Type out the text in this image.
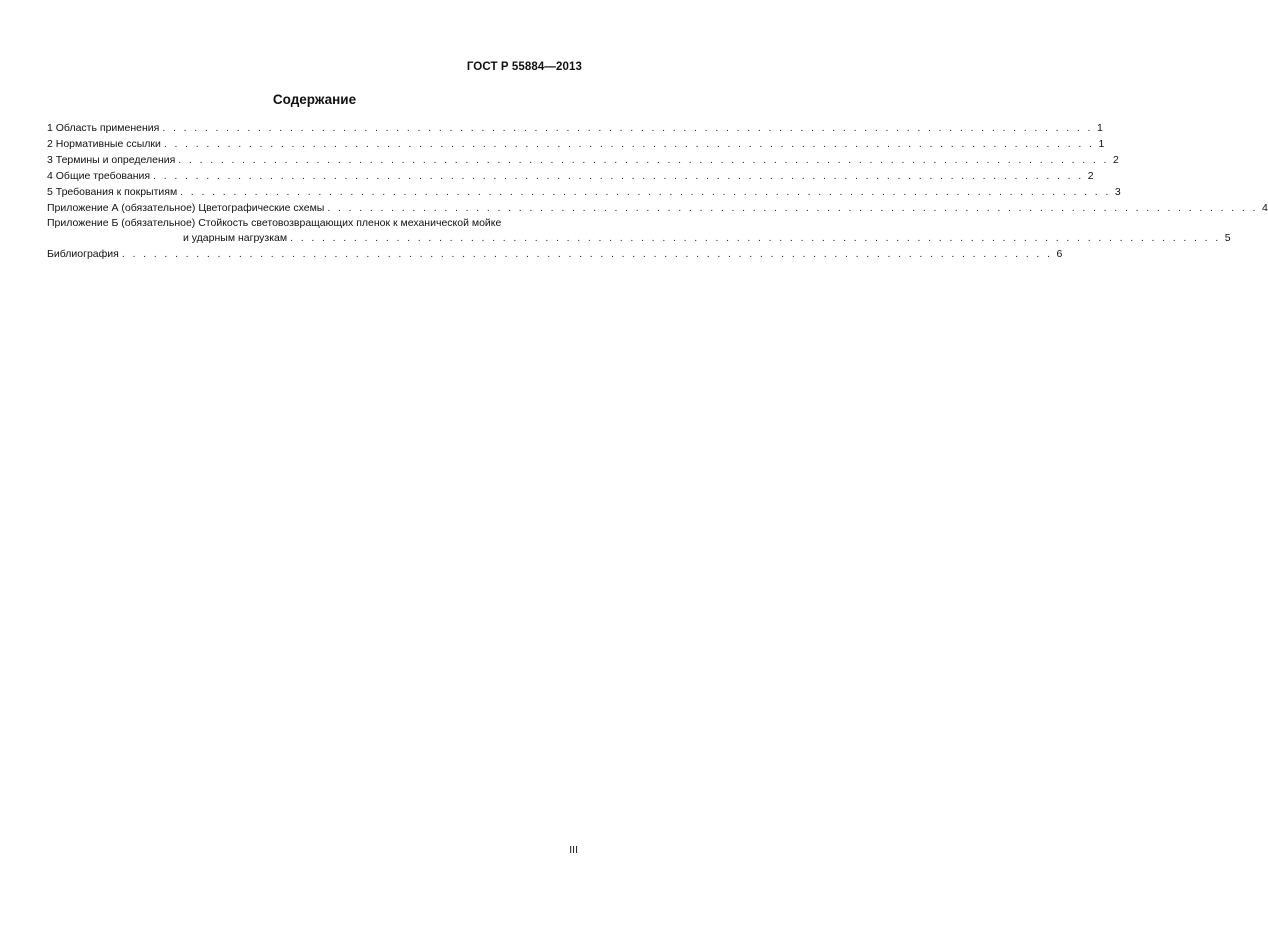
ГОСТ Р 55884—2013
Содержание
1 Область применения . . . . . . . . . . . . . . . . . . . . . . . . . . . . . . . . . . . . . . . . . . . . . . . . . . . . . . . . . . . . . . . . . . . . . . . . . . . . . . . . . . . . . . . . 1
2 Нормативные ссылки . . . . . . . . . . . . . . . . . . . . . . . . . . . . . . . . . . . . . . . . . . . . . . . . . . . . . . . . . . . . . . . . . . . . . . . . . . . . . . . . . . . . . . . . 1
3 Термины и определения . . . . . . . . . . . . . . . . . . . . . . . . . . . . . . . . . . . . . . . . . . . . . . . . . . . . . . . . . . . . . . . . . . . . . . . . . . . . . . . . . . . . . . . . 2
4 Общие требования . . . . . . . . . . . . . . . . . . . . . . . . . . . . . . . . . . . . . . . . . . . . . . . . . . . . . . . . . . . . . . . . . . . . . . . . . . . . . . . . . . . . . . . . 2
5 Требования к покрытиям . . . . . . . . . . . . . . . . . . . . . . . . . . . . . . . . . . . . . . . . . . . . . . . . . . . . . . . . . . . . . . . . . . . . . . . . . . . . . . . . . . . . . . . . 3
Приложение А (обязательное) Цветографические схемы . . . . . . . . . . . . . . . . . . . . . . . . . . . . . . . . . . . . . . . . . . . . . . . . . . . . . . . . . . . . . . . . . . . . . . . . . . . . . . . . . . . . . . . . 4
Приложение Б (обязательное) Стойкость световозвращающих пленок к механической мойке
и ударным нагрузкам . . . . . . . . . . . . . . . . . . . . . . . . . . . . . . . . . . . . . . . . . . . . . . . . . . . . . . . . . . . . . . . . . . . . . . . . . . . . . . . . . . . . . . . . 5
Библиография . . . . . . . . . . . . . . . . . . . . . . . . . . . . . . . . . . . . . . . . . . . . . . . . . . . . . . . . . . . . . . . . . . . . . . . . . . . . . . . . . . . . . . . . 6
III
